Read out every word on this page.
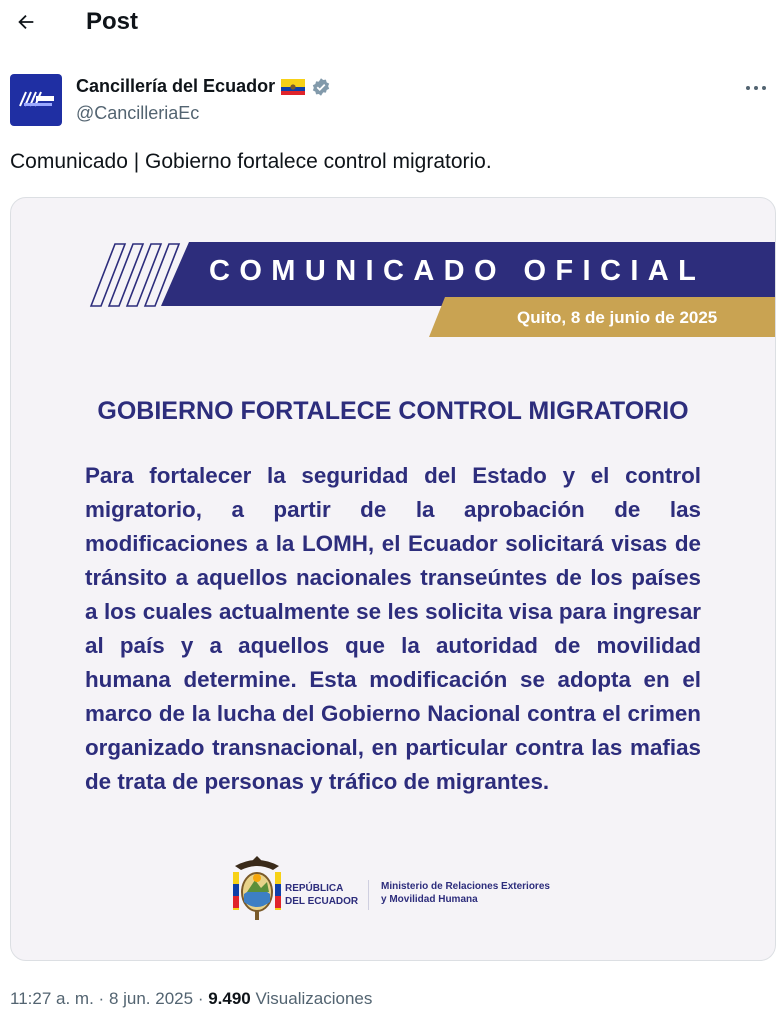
Post
Cancillería del Ecuador
@CancilleriaEc
Comunicado | Gobierno fortalece control migratorio.
COMUNICADO OFICIAL
Quito, 8 de junio de 2025
GOBIERNO FORTALECE CONTROL MIGRATORIO
Para fortalecer la seguridad del Estado y el control migratorio, a partir de la aprobación de las modificaciones a la LOMH, el Ecuador solicitará visas de tránsito a aquellos nacionales transeúntes de los países a los cuales actualmente se les solicita visa para ingresar al país y a aquellos que la autoridad de movilidad humana determine. Esta modificación se adopta en el marco de la lucha del Gobierno Nacional contra el crimen organizado transnacional, en particular contra las mafias de trata de personas y tráfico de migrantes.
REPÚBLICA
DEL ECUADOR
Ministerio de Relaciones Exteriores
y Movilidad Humana
11:27 a. m. · 8 jun. 2025 · 9.490 Visualizaciones
